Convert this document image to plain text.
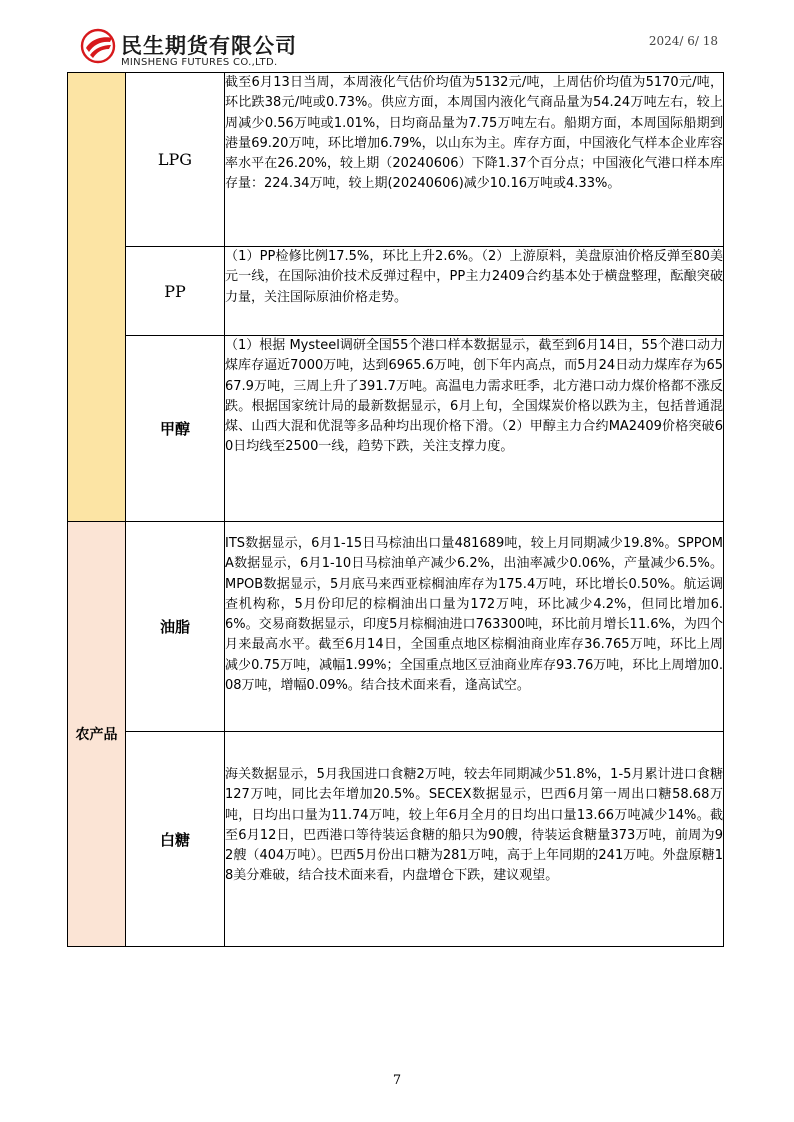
民生期货有限公司
MINSHENG FUTURES CO.,LTD.
2024/ 6/ 18
	LPG	截至6月13日当周，本周液化气估价均值为5132元/吨，上周估价均值为5170元/吨，环比跌38元/吨或0.73%。供应方面，本周国内液化气商品量为54.24万吨左右，较上周减少0.56万吨或1.01%，日均商品量为7.75万吨左右。船期方面，本周国际船期到港量69.20万吨，环比增加6.79%，以山东为主。库存方面，中国液化气样本企业库容率水平在26.20%，较上期（20240606）下降1.37个百分点；中国液化气港口样本库存量：224.34万吨，较上期(20240606)减少10.16万吨或4.33%。
	PP	（1）PP检修比例17.5%，环比上升2.6%。（2）上游原料，美盘原油价格反弹至80美元一线，在国际油价技术反弹过程中，PP主力2409合约基本处于横盘整理，酝酿突破力量，关注国际原油价格走势。
	甲醇	（1）根据 Mysteel调研全国55个港口样本数据显示，截至到6月14日，55个港口动力煤库存逼近7000万吨，达到6965.6万吨，创下年内高点，而5月24日动力煤库存为6567.9万吨，三周上升了391.7万吨。高温电力需求旺季，北方港口动力煤价格都不涨反跌。根据国家统计局的最新数据显示，6月上旬，全国煤炭价格以跌为主，包括普通混煤、山西大混和优混等多品种均出现价格下滑。（2）甲醇主力合约MA2409价格突破60日均线至2500一线，趋势下跌，关注支撑力度。
农产品	油脂	ITS数据显示，6月1-15日马棕油出口量481689吨，较上月同期减少19.8%。SPPOMA数据显示，6月1-10日马棕油单产减少6.2%，出油率减少0.06%，产量减少6.5%。MPOB数据显示，5月底马来西亚棕榈油库存为175.4万吨，环比增长0.50%。航运调查机构称，5月份印尼的棕榈油出口量为172万吨，环比减少4.2%，但同比增加6.6%。交易商数据显示，印度5月棕榈油进口763300吨，环比前月增长11.6%，为四个月来最高水平。截至6月14日，全国重点地区棕榈油商业库存36.765万吨，环比上周减少0.75万吨，减幅1.99%；全国重点地区豆油商业库存93.76万吨，环比上周增加0.08万吨，增幅0.09%。结合技术面来看，逢高试空。
	白糖	海关数据显示，5月我国进口食糖2万吨，较去年同期减少51.8%，1-5月累计进口食糖127万吨，同比去年增加20.5%。SECEX数据显示，巴西6月第一周出口糖58.68万吨，日均出口量为11.74万吨，较上年6月全月的日均出口量13.66万吨减少14%。截至6月12日，巴西港口等待装运食糖的船只为90艘，待装运食糖量373万吨，前周为92艘（404万吨）。巴西5月份出口糖为281万吨，高于上年同期的241万吨。外盘原糖18美分难破，结合技术面来看，内盘增仓下跌，建议观望。
7
